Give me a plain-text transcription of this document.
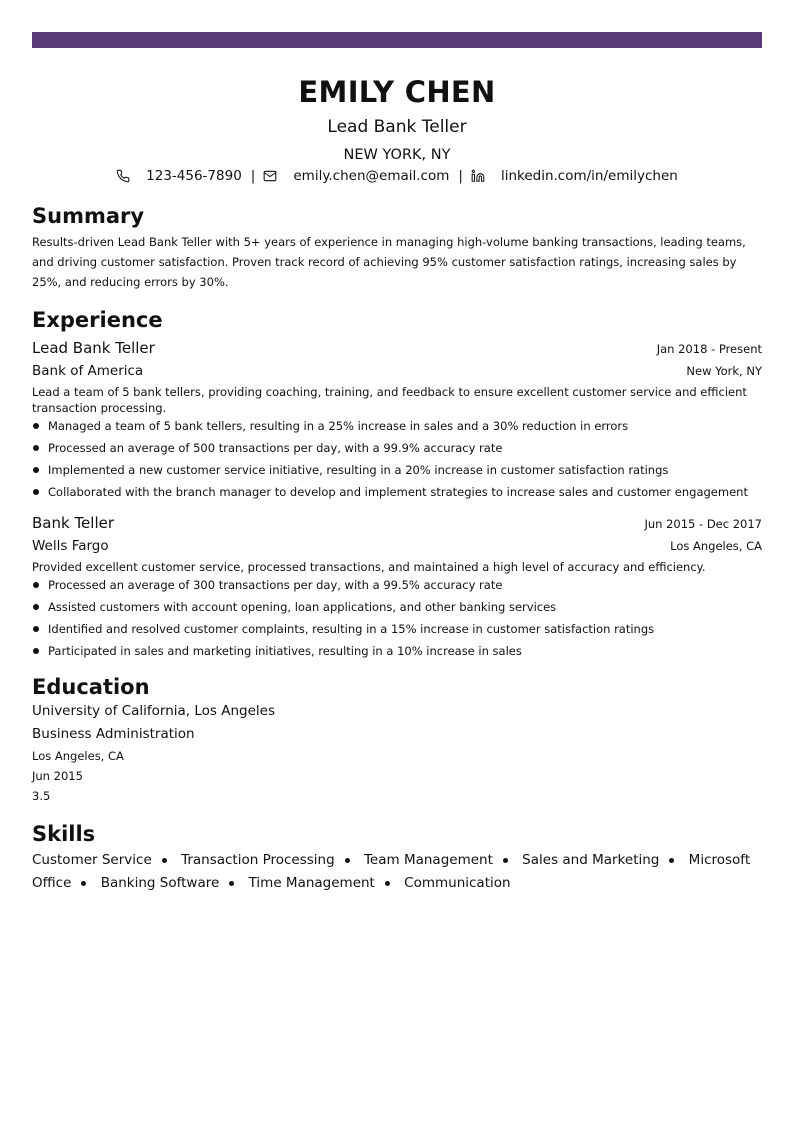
EMILY CHEN
Lead Bank Teller
NEW YORK, NY
123-456-7890 |	emily.chen@email.com |	linkedin.com/in/emilychen
Summary

Results-driven Lead Bank Teller with 5+ years of experience in managing high-volume banking transactions, leading teams, and driving customer satisfaction. Proven track record of achieving 95% customer satisfaction ratings, increasing sales by 25%, and reducing errors by 30%.

Experience
Lead Bank Teller	Jan 2018 - Present
Bank of America	New York, NY
Lead a team of 5 bank tellers, providing coaching, training, and feedback to ensure excellent customer service and efficient transaction processing.
Managed a team of 5 bank tellers, resulting in a 25% increase in sales and a 30% reduction in errors
Processed an average of 500 transactions per day, with a 99.9% accuracy rate
Implemented a new customer service initiative, resulting in a 20% increase in customer satisfaction ratings
Collaborated with the branch manager to develop and implement strategies to increase sales and customer engagement
Bank Teller	Jun 2015 - Dec 2017
Wells Fargo	Los Angeles, CA
Provided excellent customer service, processed transactions, and maintained a high level of accuracy and efficiency.
Processed an average of 300 transactions per day, with a 99.5% accuracy rate
Assisted customers with account opening, loan applications, and other banking services
Identified and resolved customer complaints, resulting in a 15% increase in customer satisfaction ratings
Participated in sales and marketing initiatives, resulting in a 10% increase in sales
Education
University of California, Los Angeles
Business Administration
Los Angeles, CA
Jun 2015
3.5
Skills
Customer Service Transaction Processing Team Management Sales and Marketing Microsoft Office Banking Software Time Management Communication
